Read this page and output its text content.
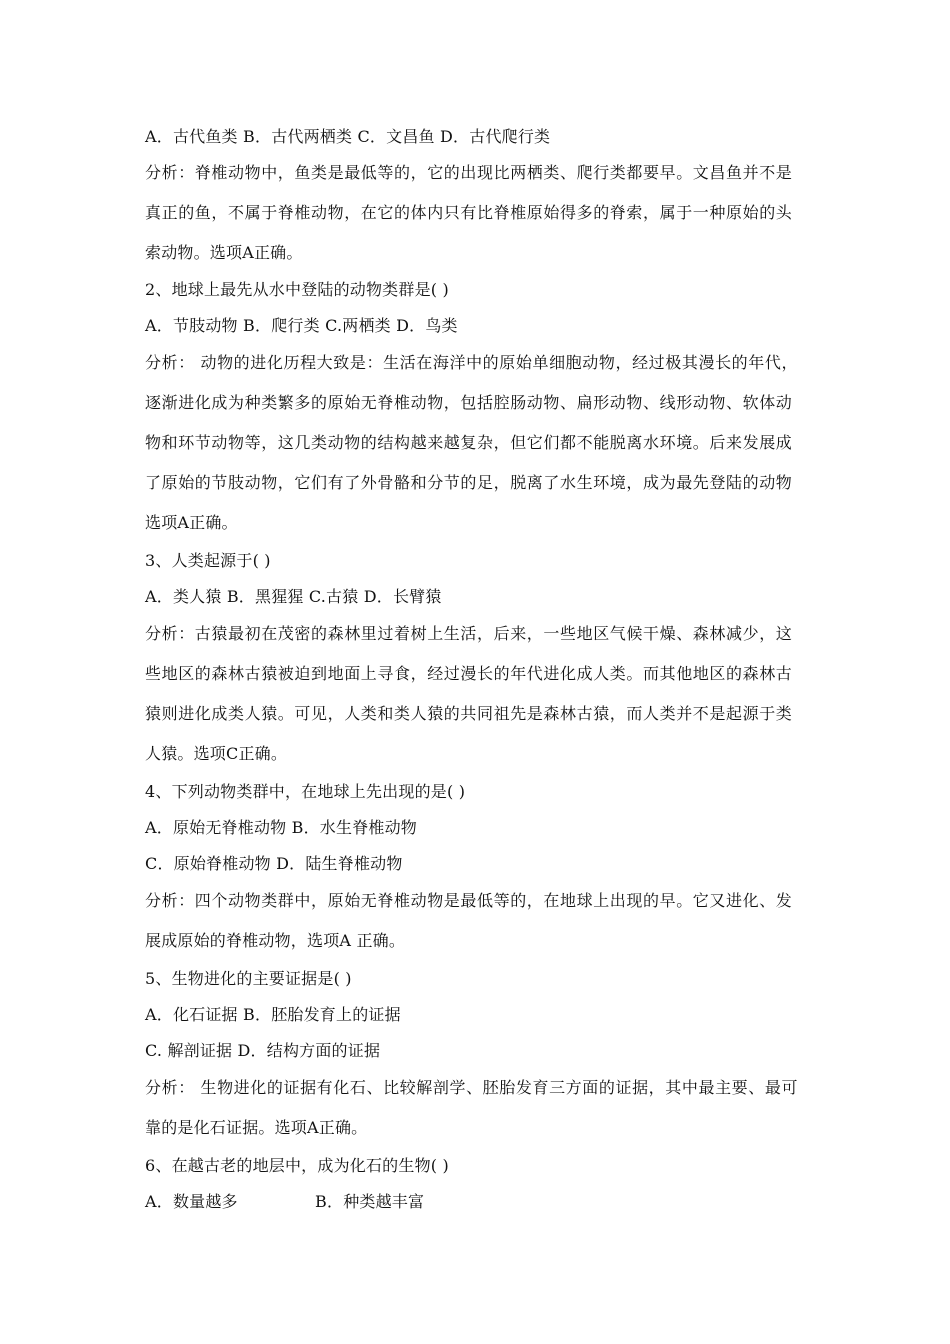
A．古代鱼类 B．古代两栖类 C．文昌鱼 D．古代爬行类
分析：脊椎动物中，鱼类是最低等的，它的出现比两栖类、爬行类都要早。文昌鱼并不是
真正的鱼，不属于脊椎动物，在它的体内只有比脊椎原始得多的脊索，属于一种原始的头
索动物。选项A正确。
2、地球上最先从水中登陆的动物类群是( )
A．节肢动物 B．爬行类 C.两栖类 D．鸟类
分析： 动物的进化历程大致是：生活在海洋中的原始单细胞动物，经过极其漫长的年代，
逐渐进化成为种类繁多的原始无脊椎动物，包括腔肠动物、扁形动物、线形动物、软体动
物和环节动物等，这几类动物的结构越来越复杂，但它们都不能脱离水环境。后来发展成
了原始的节肢动物，它们有了外骨骼和分节的足，脱离了水生环境，成为最先登陆的动物
选项A正确。
3、人类起源于( )
A．类人猿 B．黑猩猩 C.古猿 D．长臂猿
分析：古猿最初在茂密的森林里过着树上生活，后来，一些地区气候干燥、森林减少，这
些地区的森林古猿被迫到地面上寻食，经过漫长的年代进化成人类。而其他地区的森林古
猿则进化成类人猿。可见，人类和类人猿的共同祖先是森林古猿，而人类并不是起源于类
人猿。选项C正确。
4、下列动物类群中，在地球上先出现的是( )
A．原始无脊椎动物 B．水生脊椎动物
C．原始脊椎动物 D．陆生脊椎动物
分析：四个动物类群中，原始无脊椎动物是最低等的，在地球上出现的早。它又进化、发
展成原始的脊椎动物，选项A 正确。
5、生物进化的主要证据是( )
A．化石证据 B．胚胎发育上的证据
C. 解剖证据 D．结构方面的证据
分析： 生物进化的证据有化石、比较解剖学、胚胎发育三方面的证据，其中最主要、最可
靠的是化石证据。选项A正确。
6、在越古老的地层中，成为化石的生物( )
A．数量越多 B．种类越丰富
